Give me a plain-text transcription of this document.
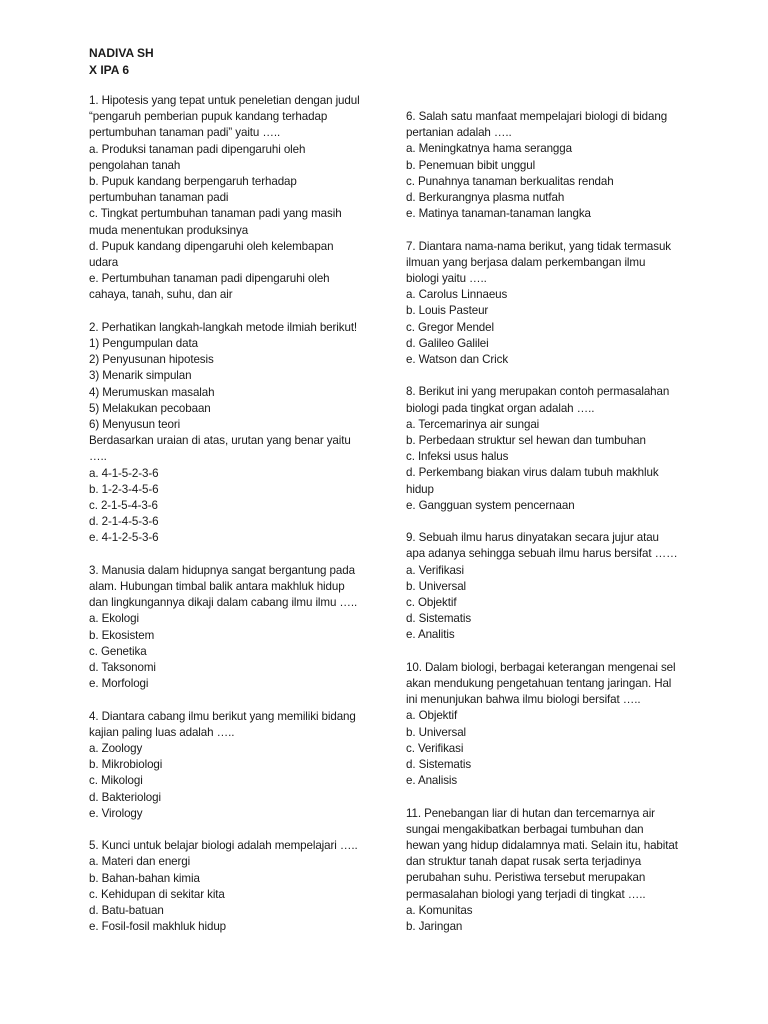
NADIVA SH
X IPA 6

1. Hipotesis yang tepat untuk peneletian dengan judul
“pengaruh pemberian pupuk kandang terhadap
pertumbuhan tanaman padi” yaitu …..

a. Produksi tanaman padi dipengaruhi oleh
pengolahan tanah

b. Pupuk kandang berpengaruh terhadap
pertumbuhan tanaman padi

c. Tingkat pertumbuhan tanaman padi yang masih
muda menentukan produksinya

d. Pupuk kandang dipengaruhi oleh kelembapan
udara

e. Pertumbuhan tanaman padi dipengaruhi oleh
cahaya, tanah, suhu, dan air

2. Perhatikan langkah-langkah metode ilmiah berikut!
1) Pengumpulan data
2) Penyusunan hipotesis
3) Menarik simpulan
4) Merumuskan masalah
5) Melakukan pecobaan
6) Menyusun teori
Berdasarkan uraian di atas, urutan yang benar yaitu
…..

a. 4-1-5-2-3-6

b. 1-2-3-4-5-6

c. 2-1-5-4-3-6

d. 2-1-4-5-3-6

e. 4-1-2-5-3-6

3. Manusia dalam hidupnya sangat bergantung pada
alam. Hubungan timbal balik antara makhluk hidup
dan lingkungannya dikaji dalam cabang ilmu ilmu …..

a. Ekologi

b. Ekosistem

c. Genetika

d. Taksonomi

e. Morfologi

4. Diantara cabang ilmu berikut yang memiliki bidang
kajian paling luas adalah …..

a. Zoology

b. Mikrobiologi

c. Mikologi

d. Bakteriologi

e. Virology

5. Kunci untuk belajar biologi adalah mempelajari …..

a. Materi dan energi

b. Bahan-bahan kimia

c. Kehidupan di sekitar kita

d. Batu-batuan

e. Fosil-fosil makhluk hidup

6. Salah satu manfaat mempelajari biologi di bidang
pertanian adalah …..

a. Meningkatnya hama serangga

b. Penemuan bibit unggul

c. Punahnya tanaman berkualitas rendah

d. Berkurangnya plasma nutfah

e. Matinya tanaman-tanaman langka

7. Diantara nama-nama berikut, yang tidak termasuk
ilmuan yang berjasa dalam perkembangan ilmu
biologi yaitu …..

a. Carolus Linnaeus

b. Louis Pasteur

c. Gregor Mendel

d. Galileo Galilei

e. Watson dan Crick

8. Berikut ini yang merupakan contoh permasalahan
biologi pada tingkat organ adalah …..

a. Tercemarinya air sungai

b. Perbedaan struktur sel hewan dan tumbuhan

c. Infeksi usus halus

d. Perkembang biakan virus dalam tubuh makhluk
hidup

e. Gangguan system pencernaan

9. Sebuah ilmu harus dinyatakan secara jujur atau
apa adanya sehingga sebuah ilmu harus bersifat ……

a. Verifikasi

b. Universal

c. Objektif

d. Sistematis

e. Analitis

10. Dalam biologi, berbagai keterangan mengenai sel
akan mendukung pengetahuan tentang jaringan. Hal
ini menunjukan bahwa ilmu biologi bersifat …..

a. Objektif

b. Universal

c. Verifikasi

d. Sistematis

e. Analisis

11. Penebangan liar di hutan dan tercemarnya air
sungai mengakibatkan berbagai tumbuhan dan
hewan yang hidup didalamnya mati. Selain itu, habitat
dan struktur tanah dapat rusak serta terjadinya
perubahan suhu. Peristiwa tersebut merupakan
permasalahan biologi yang terjadi di tingkat …..

a. Komunitas

b. Jaringan
